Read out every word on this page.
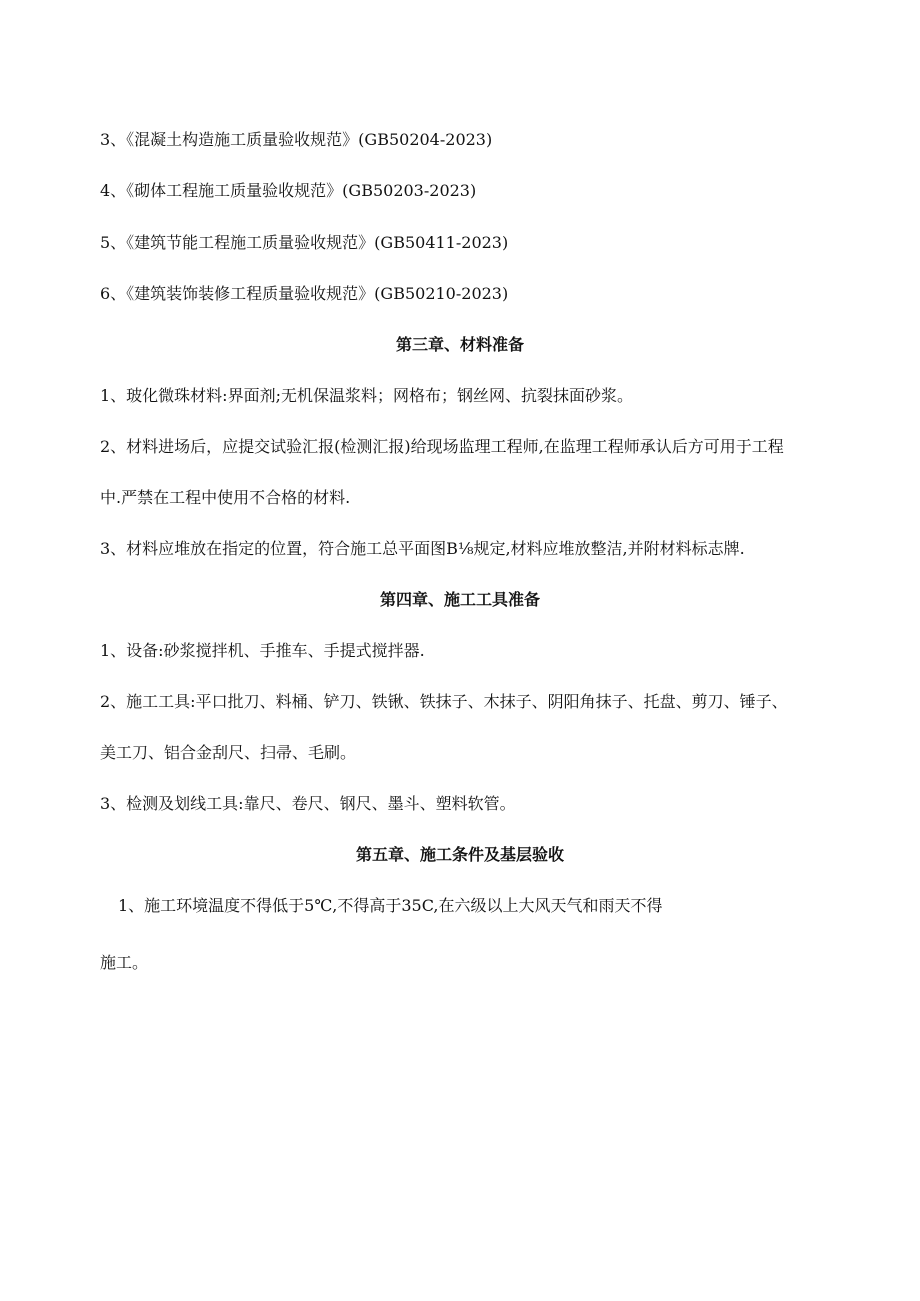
3、《混凝土构造施工质量验收规范》(GB50204-2023)
4、《砌体工程施工质量验收规范》(GB50203-2023)
5、《建筑节能工程施工质量验收规范》(GB50411-2023)
6、《建筑装饰装修工程质量验收规范》(GB50210-2023)
第三章、材料准备
1、玻化微珠材料:界面剂;无机保温浆料；网格布；钢丝网、抗裂抹面砂浆。
2、材料进场后，应提交试验汇报(检测汇报)给现场监理工程师,在监理工程师承认后方可用于工程
中.严禁在工程中使用不合格的材料.
3、材料应堆放在指定的位置，符合施工总平面图B⅛规定,材料应堆放整洁,并附材料标志牌.
第四章、施工工具准备
1、设备:砂浆搅拌机、手推车、手提式搅拌器.
2、施工工具:平口批刀、料桶、铲刀、铁锹、铁抹子、木抹子、阴阳角抹子、托盘、剪刀、锤子、
美工刀、铝合金刮尺、扫帚、毛刷。
3、检测及划线工具:靠尺、卷尺、钢尺、墨斗、塑料软管。
第五章、施工条件及基层验收
1、施工环境温度不得低于5℃,不得高于35C,在六级以上大风天气和雨天不得
施工。
